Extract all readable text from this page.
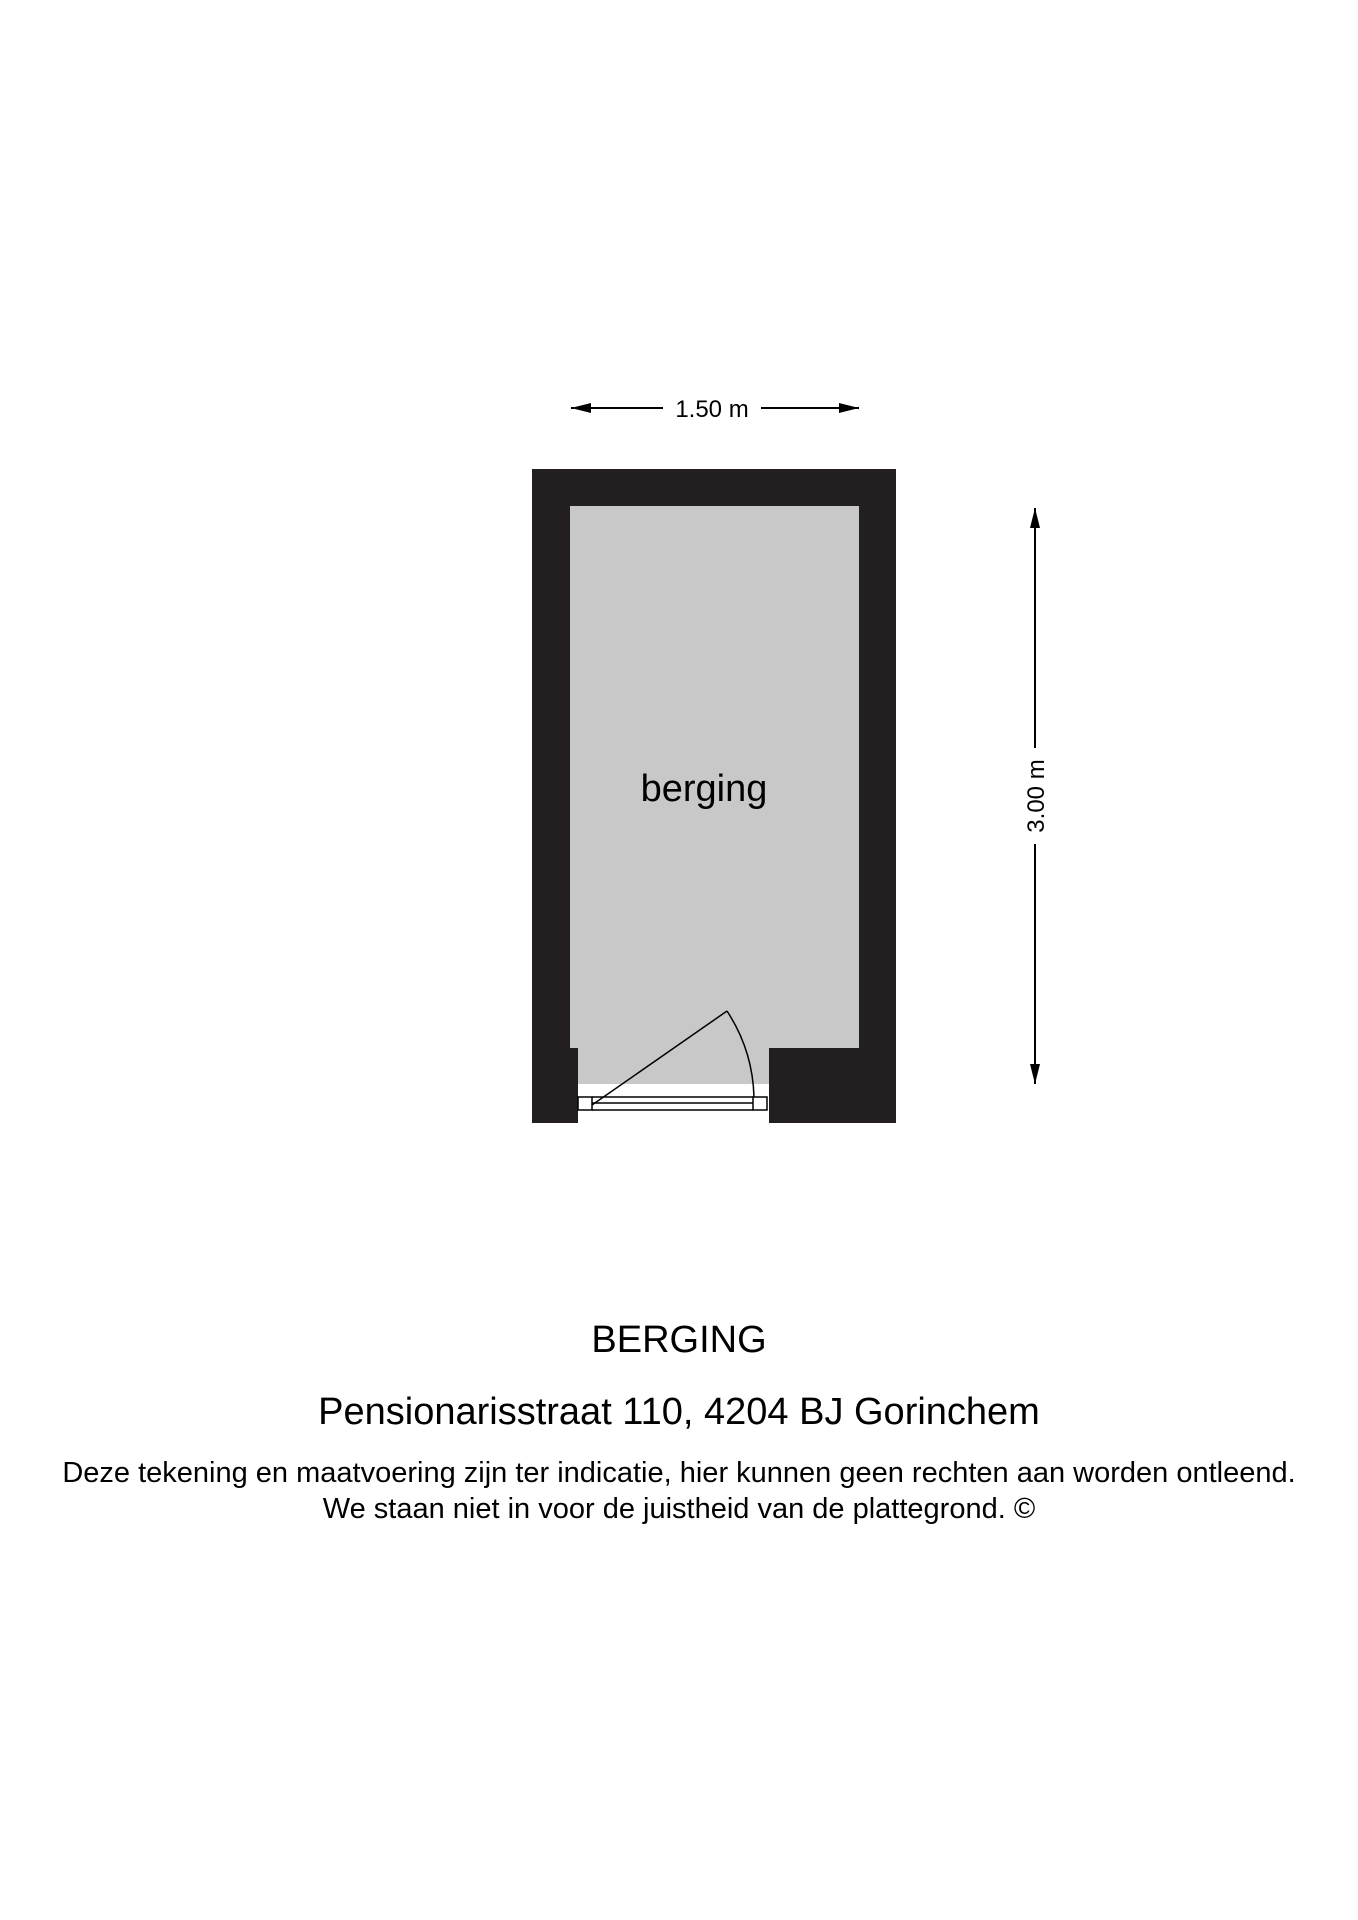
berging
1.50 m
3.00 m
BERGING
Pensionarisstraat 110, 4204 BJ Gorinchem
Deze tekening en maatvoering zijn ter indicatie, hier kunnen geen rechten aan worden ontleend.
We staan niet in voor de juistheid van de plattegrond. ©
